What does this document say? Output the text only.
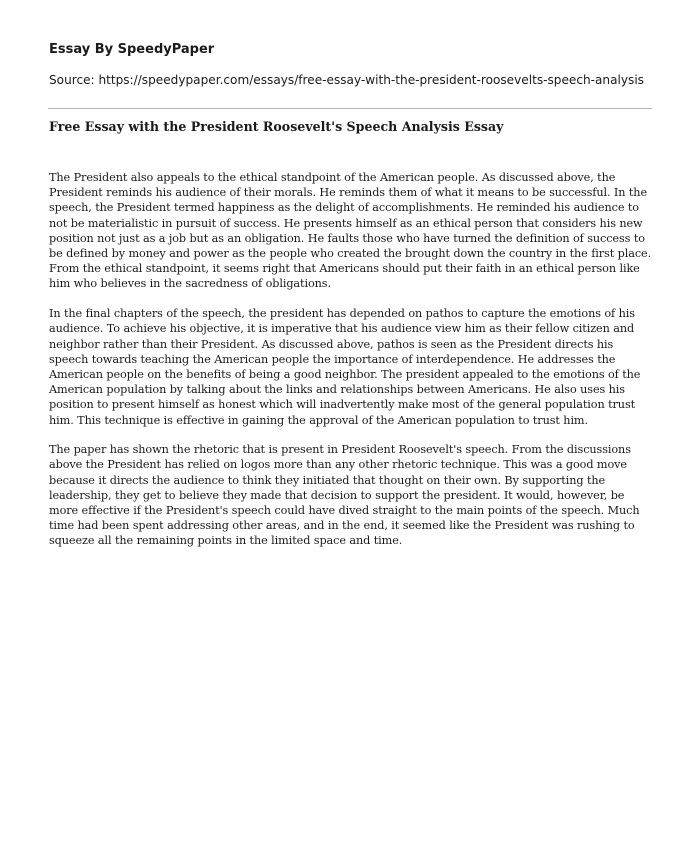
Essay By SpeedyPaper
Source: https://speedypaper.com/essays/free-essay-with-the-president-roosevelts-speech-analysis
Free Essay with the President Roosevelt's Speech Analysis Essay

The President also appeals to the ethical standpoint of the American people. As discussed above, the President reminds his audience of their morals. He reminds them of what it means to be successful. In the speech, the President termed happiness as the delight of accomplishments. He reminded his audience to not be materialistic in pursuit of success. He presents himself as an ethical person that considers his new position not just as a job but as an obligation. He faults those who have turned the definition of success to be defined by money and power as the people who created the brought down the country in the first place. From the ethical standpoint, it seems right that Americans should put their faith in an ethical person like him who believes in the sacredness of obligations.

In the final chapters of the speech, the president has depended on pathos to capture the emotions of his audience. To achieve his objective, it is imperative that his audience view him as their fellow citizen and neighbor rather than their President. As discussed above, pathos is seen as the President directs his speech towards teaching the American people the importance of interdependence. He addresses the American people on the benefits of being a good neighbor. The president appealed to the emotions of the American population by talking about the links and relationships between Americans. He also uses his position to present himself as honest which will inadvertently make most of the general population trust him. This technique is effective in gaining the approval of the American population to trust him.

The paper has shown the rhetoric that is present in President Roosevelt's speech. From the discussions above the President has relied on logos more than any other rhetoric technique. This was a good move because it directs the audience to think they initiated that thought on their own. By supporting the leadership, they get to believe they made that decision to support the president. It would, however, be more effective if the President's speech could have dived straight to the main points of the speech. Much time had been spent addressing other areas, and in the end, it seemed like the President was rushing to squeeze all the remaining points in the limited space and time.
